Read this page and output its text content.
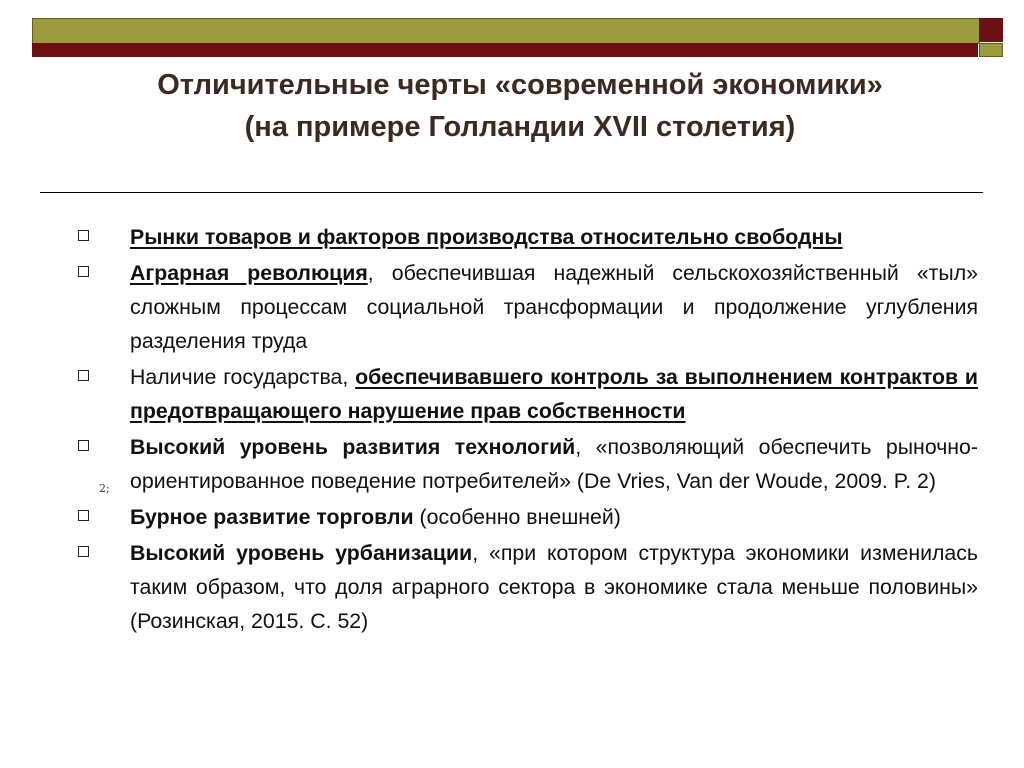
Отличительные черты «современной экономики»
(на примере Голландии XVII столетия)
2;
Рынки товаров и факторов производства относительно свободны
Аграрная революция, обеспечившая надежный сельскохозяйственный «тыл» сложным процессам социальной трансформации и продолжение углубления разделения труда
Наличие государства, обеспечивавшего контроль за выполнением контрактов и предотвращающего нарушение прав собственности
Высокий уровень развития технологий, «позволяющий обеспечить рыночно-ориентированное поведение потребителей» (De Vries, Van der Woude, 2009. P. 2)
Бурное развитие торговли (особенно внешней)
Высокий уровень урбанизации, «при котором структура экономики изменилась таким образом, что доля аграрного сектора в экономике стала меньше половины» (Розинская, 2015. С. 52)
